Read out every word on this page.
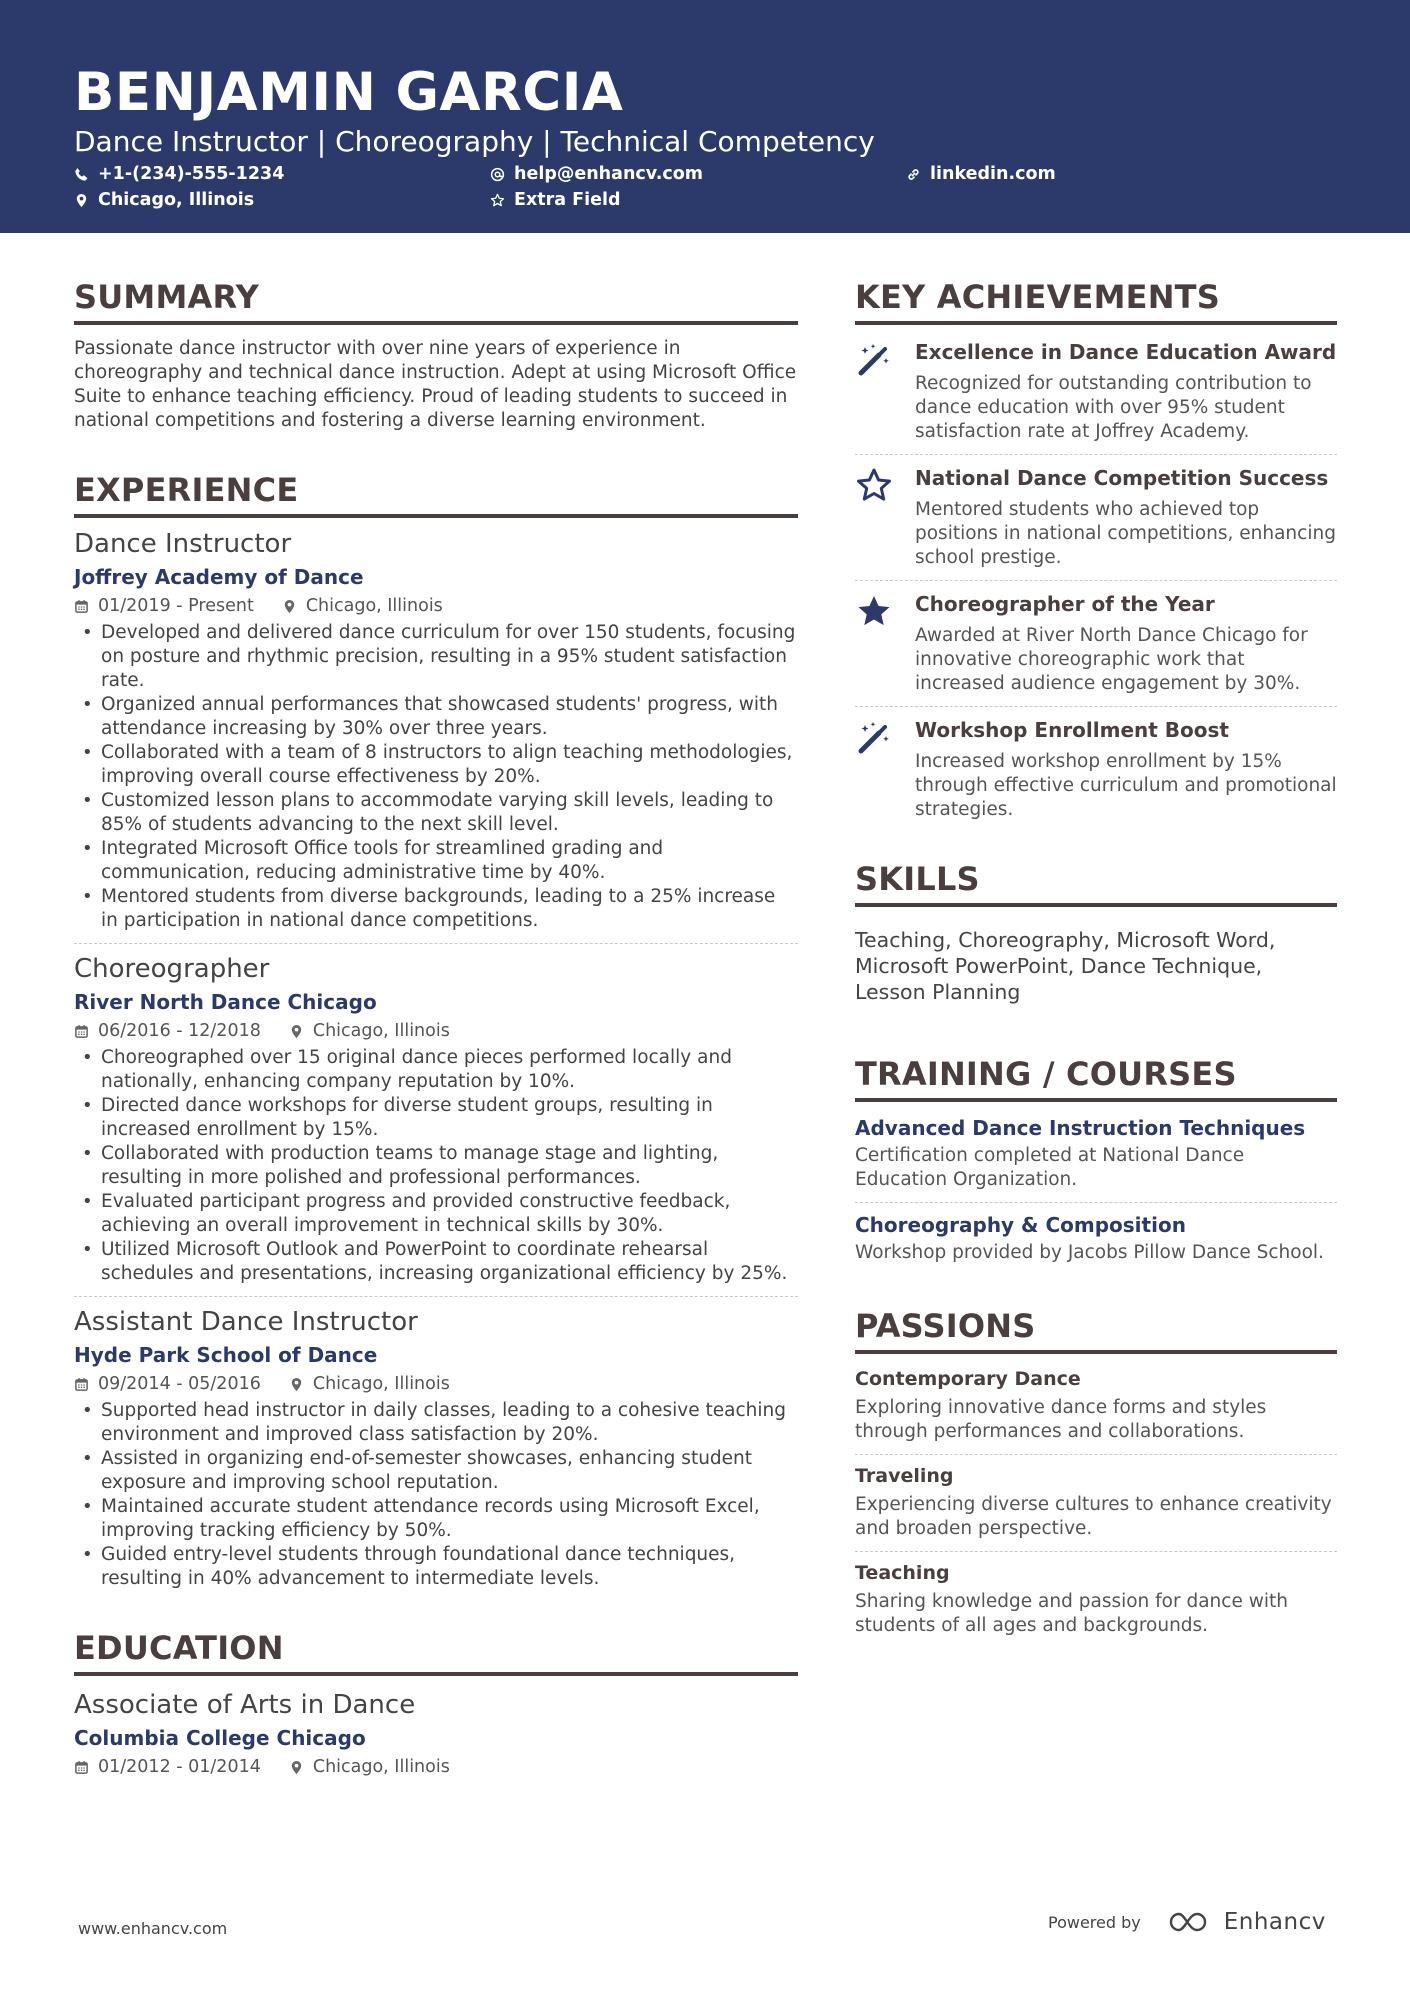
BENJAMIN GARCIA
Dance Instructor | Choreography | Technical Competency
+1-(234)-555-1234	help@enhancv.com	linkedin.com
Chicago, Illinois	Extra Field
SUMMARY
Passionate dance instructor with over nine years of experience in choreography and technical dance instruction. Adept at using Microsoft Office Suite to enhance teaching efficiency. Proud of leading students to succeed in national competitions and fostering a diverse learning environment.
EXPERIENCE
Dance Instructor
Joffrey Academy of Dance
01/2019 - Present	Chicago, Illinois
• Developed and delivered dance curriculum for over 150 students, focusing on posture and rhythmic precision, resulting in a 95% student satisfaction rate.
• Organized annual performances that showcased students' progress, with attendance increasing by 30% over three years.
• Collaborated with a team of 8 instructors to align teaching methodologies, improving overall course effectiveness by 20%.
• Customized lesson plans to accommodate varying skill levels, leading to 85% of students advancing to the next skill level.
• Integrated Microsoft Office tools for streamlined grading and communication, reducing administrative time by 40%.
• Mentored students from diverse backgrounds, leading to a 25% increase in participation in national dance competitions.
Choreographer
River North Dance Chicago
06/2016 - 12/2018	Chicago, Illinois
• Choreographed over 15 original dance pieces performed locally and nationally, enhancing company reputation by 10%.
• Directed dance workshops for diverse student groups, resulting in increased enrollment by 15%.
• Collaborated with production teams to manage stage and lighting, resulting in more polished and professional performances.
• Evaluated participant progress and provided constructive feedback, achieving an overall improvement in technical skills by 30%.
• Utilized Microsoft Outlook and PowerPoint to coordinate rehearsal schedules and presentations, increasing organizational efficiency by 25%.
Assistant Dance Instructor
Hyde Park School of Dance
09/2014 - 05/2016	Chicago, Illinois
• Supported head instructor in daily classes, leading to a cohesive teaching environment and improved class satisfaction by 20%.
• Assisted in organizing end-of-semester showcases, enhancing student exposure and improving school reputation.
• Maintained accurate student attendance records using Microsoft Excel, improving tracking efficiency by 50%.
• Guided entry-level students through foundational dance techniques, resulting in 40% advancement to intermediate levels.
EDUCATION
Associate of Arts in Dance
Columbia College Chicago
01/2012 - 01/2014	Chicago, Illinois
KEY ACHIEVEMENTS
Excellence in Dance Education Award
Recognized for outstanding contribution to dance education with over 95% student satisfaction rate at Joffrey Academy.
National Dance Competition Success
Mentored students who achieved top positions in national competitions, enhancing school prestige.
Choreographer of the Year
Awarded at River North Dance Chicago for innovative choreographic work that increased audience engagement by 30%.
Workshop Enrollment Boost
Increased workshop enrollment by 15% through effective curriculum and promotional strategies.
SKILLS
Teaching, Choreography, Microsoft Word, Microsoft PowerPoint, Dance Technique, Lesson Planning
TRAINING / COURSES
Advanced Dance Instruction Techniques
Certification completed at National Dance Education Organization.
Choreography & Composition
Workshop provided by Jacobs Pillow Dance School.
PASSIONS
Contemporary Dance
Exploring innovative dance forms and styles through performances and collaborations.
Traveling
Experiencing diverse cultures to enhance creativity and broaden perspective.
Teaching
Sharing knowledge and passion for dance with students of all ages and backgrounds.
www.enhancv.com	Powered by	Enhancv
